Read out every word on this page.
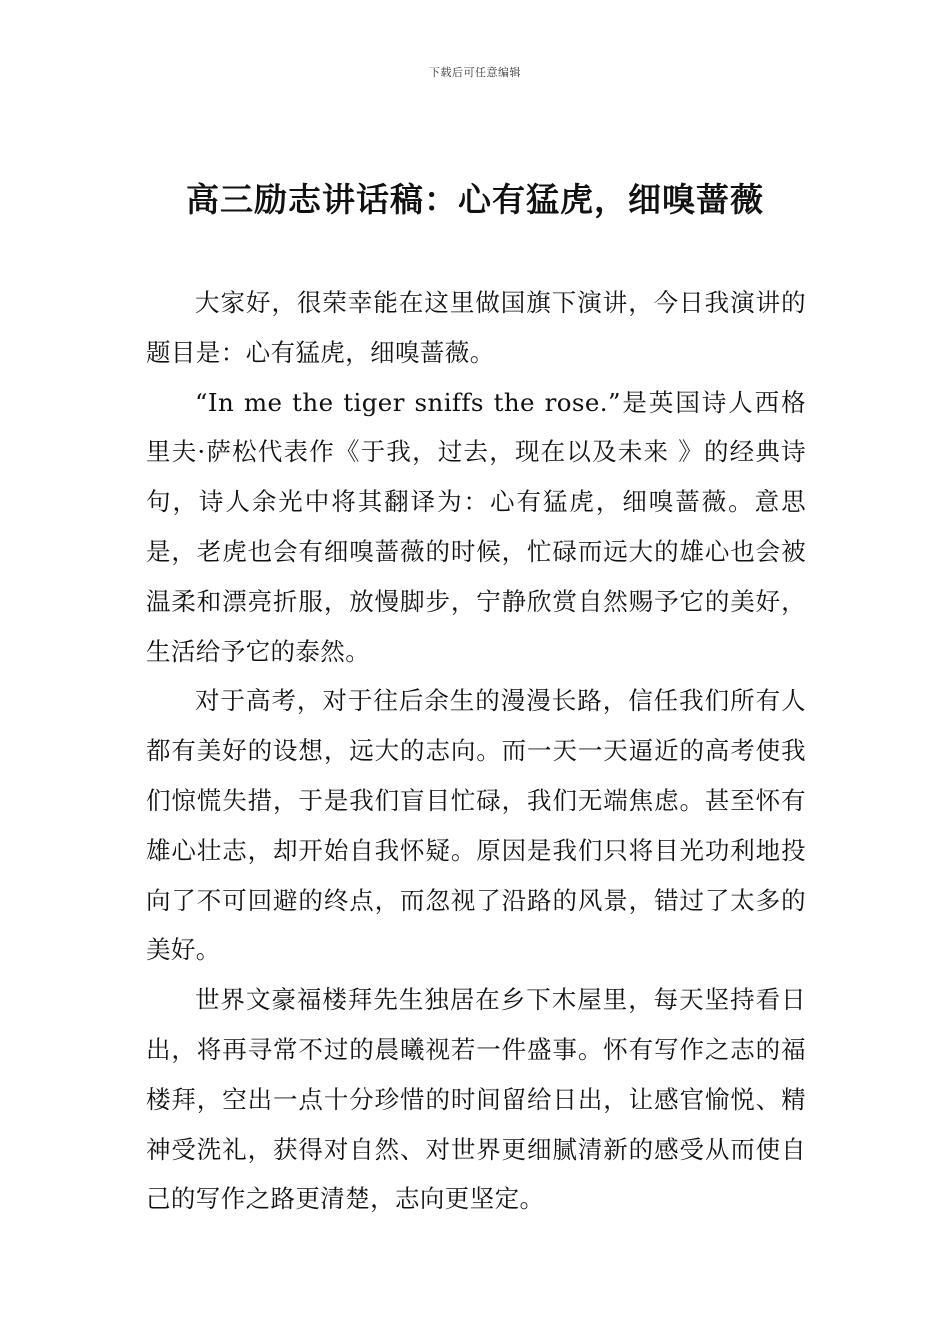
下载后可任意编辑
高三励志讲话稿：心有猛虎，细嗅蔷薇

大家好，很荣幸能在这里做国旗下演讲，今日我演讲的题目是：心有猛虎，细嗅蔷薇。

“In me the tiger sniffs the rose.”是英国诗人西格里夫·萨松代表作《于我，过去，现在以及未来 》的经典诗句，诗人余光中将其翻译为：心有猛虎，细嗅蔷薇。意思是，老虎也会有细嗅蔷薇的时候，忙碌而远大的雄心也会被温柔和漂亮折服，放慢脚步，宁静欣赏自然赐予它的美好，生活给予它的泰然。

对于高考，对于往后余生的漫漫长路，信任我们所有人都有美好的设想，远大的志向。而一天一天逼近的高考使我们惊慌失措，于是我们盲目忙碌，我们无端焦虑。甚至怀有雄心壮志，却开始自我怀疑。原因是我们只将目光功利地投向了不可回避的终点，而忽视了沿路的风景，错过了太多的美好。

世界文豪福楼拜先生独居在乡下木屋里，每天坚持看日出，将再寻常不过的晨曦视若一件盛事。怀有写作之志的福楼拜，空出一点十分珍惜的时间留给日出，让感官愉悦、精神受洗礼，获得对自然、对世界更细腻清新的感受从而使自己的写作之路更清楚，志向更坚定。
